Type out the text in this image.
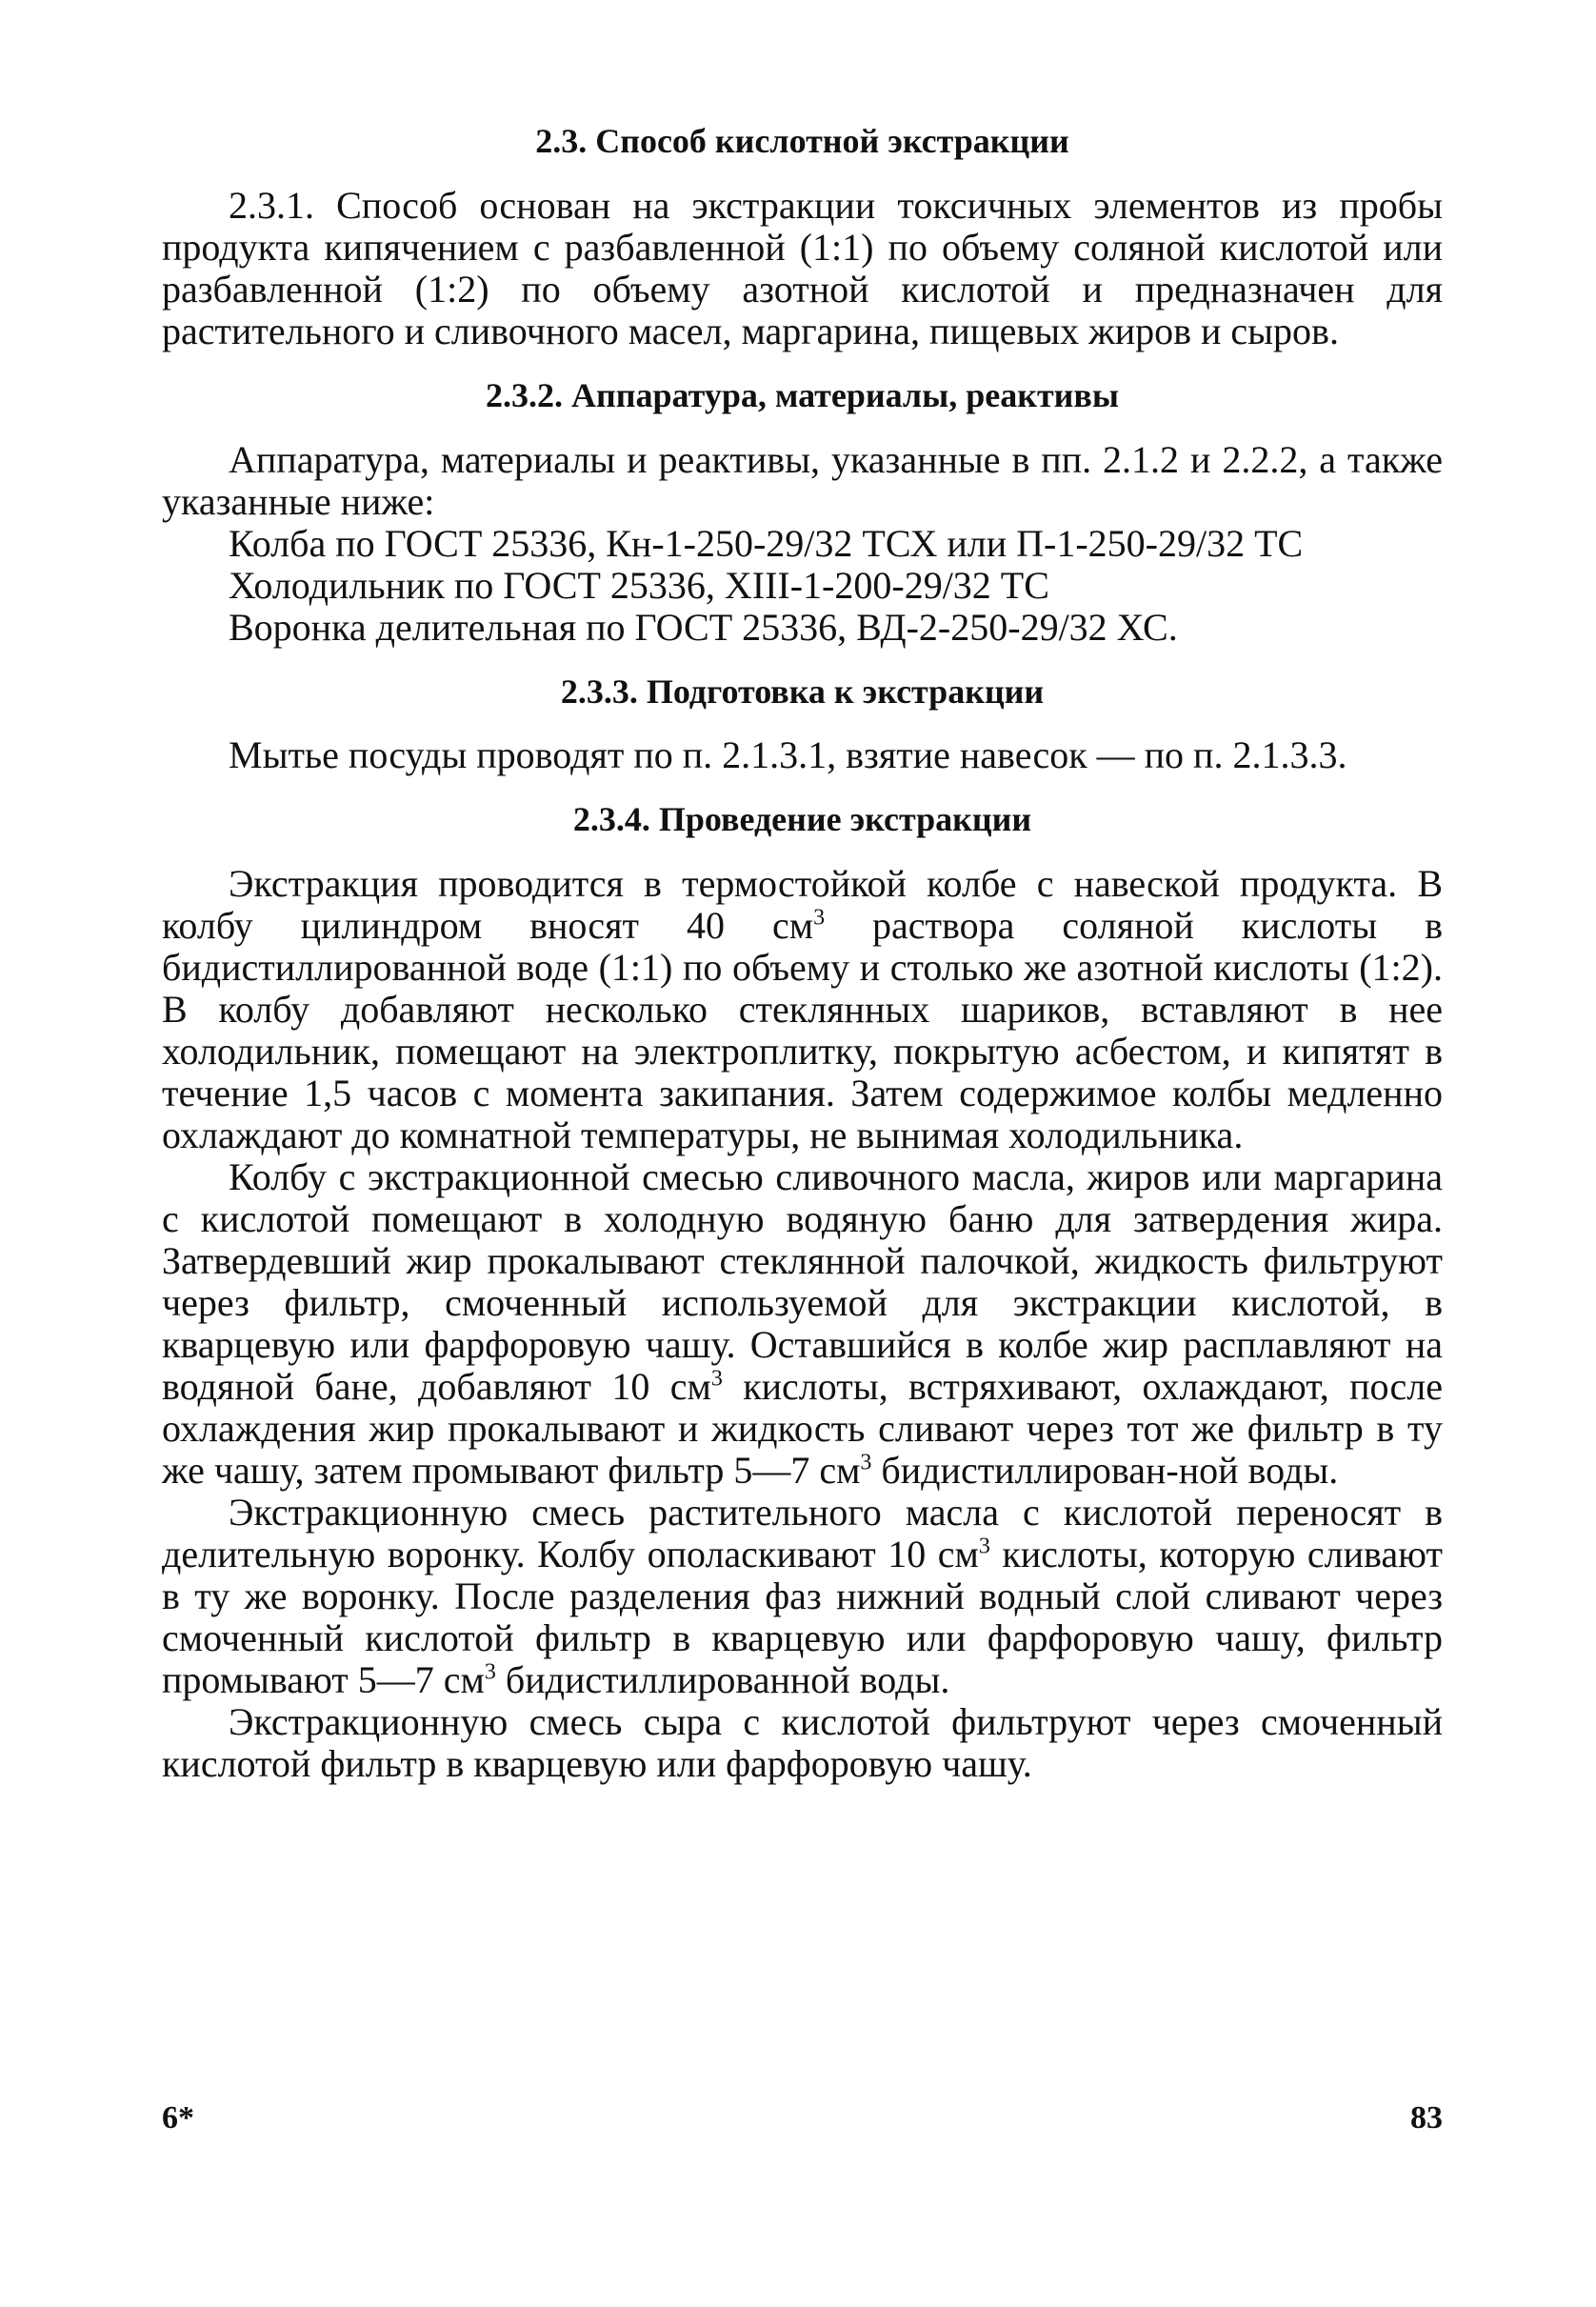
2.3. Способ кислотной экстракции

2.3.1. Способ основан на экстракции токсичных элементов из пробы продукта кипячением с разбавленной (1:1) по объему соляной кислотой или разбавленной (1:2) по объему азотной кислотой и предназначен для растительного и сливочного масел, маргарина, пищевых жиров и сыров.

2.3.2. Аппаратура, материалы, реактивы

Аппаратура, материалы и реактивы, указанные в пп. 2.1.2 и 2.2.2, а также указанные ниже:

Колба по ГОСТ 25336, Кн-1-250-29/32 ТСХ или П-1-250-29/32 ТС

Холодильник по ГОСТ 25336, ХIII-1-200-29/32 ТС

Воронка делительная по ГОСТ 25336, ВД-2-250-29/32 ХС.

2.3.3. Подготовка к экстракции

Мытье посуды проводят по п. 2.1.3.1, взятие навесок — по п. 2.1.3.3.

2.3.4. Проведение экстракции

Экстракция проводится в термостойкой колбе с навеской продукта. В колбу цилиндром вносят 40 $см^3$ раствора соляной кислоты в бидистиллированной воде (1:1) по объему и столько же азотной кислоты (1:2). В колбу добавляют несколько стеклянных шариков, вставляют в нее холодильник, помещают на электроплитку, покрытую асбестом, и кипятят в течение 1,5 часов с момента закипания. Затем содержимое колбы медленно охлаждают до комнатной температуры, не вынимая холодильника.

Колбу с экстракционной смесью сливочного масла, жиров или маргарина с кислотой помещают в холодную водяную баню для затвердения жира. Затвердевший жир прокалывают стеклянной палочкой, жидкость фильтруют через фильтр, смоченный используемой для экстракции кислотой, в кварцевую или фарфоровую чашу. Оставшийся в колбе жир расплавляют на водяной бане, добавляют 10 $см^3$ кислоты, встряхивают, охлаждают, после охлаждения жир прокалывают и жидкость сливают через тот же фильтр в ту же чашу, затем промывают фильтр 5—7 $см^3$ бидистиллирован-ной воды.

Экстракционную смесь растительного масла с кислотой переносят в делительную воронку. Колбу ополаскивают 10 $см^3$ кислоты, которую сливают в ту же воронку. После разделения фаз нижний водный слой сливают через смоченный кислотой фильтр в кварцевую или фарфоровую чашу, фильтр промывают 5—7 $см^3$ бидистиллированной воды.

Экстракционную смесь сыра с кислотой фильтруют через смоченный кислотой фильтр в кварцевую или фарфоровую чашу.

6*	83
